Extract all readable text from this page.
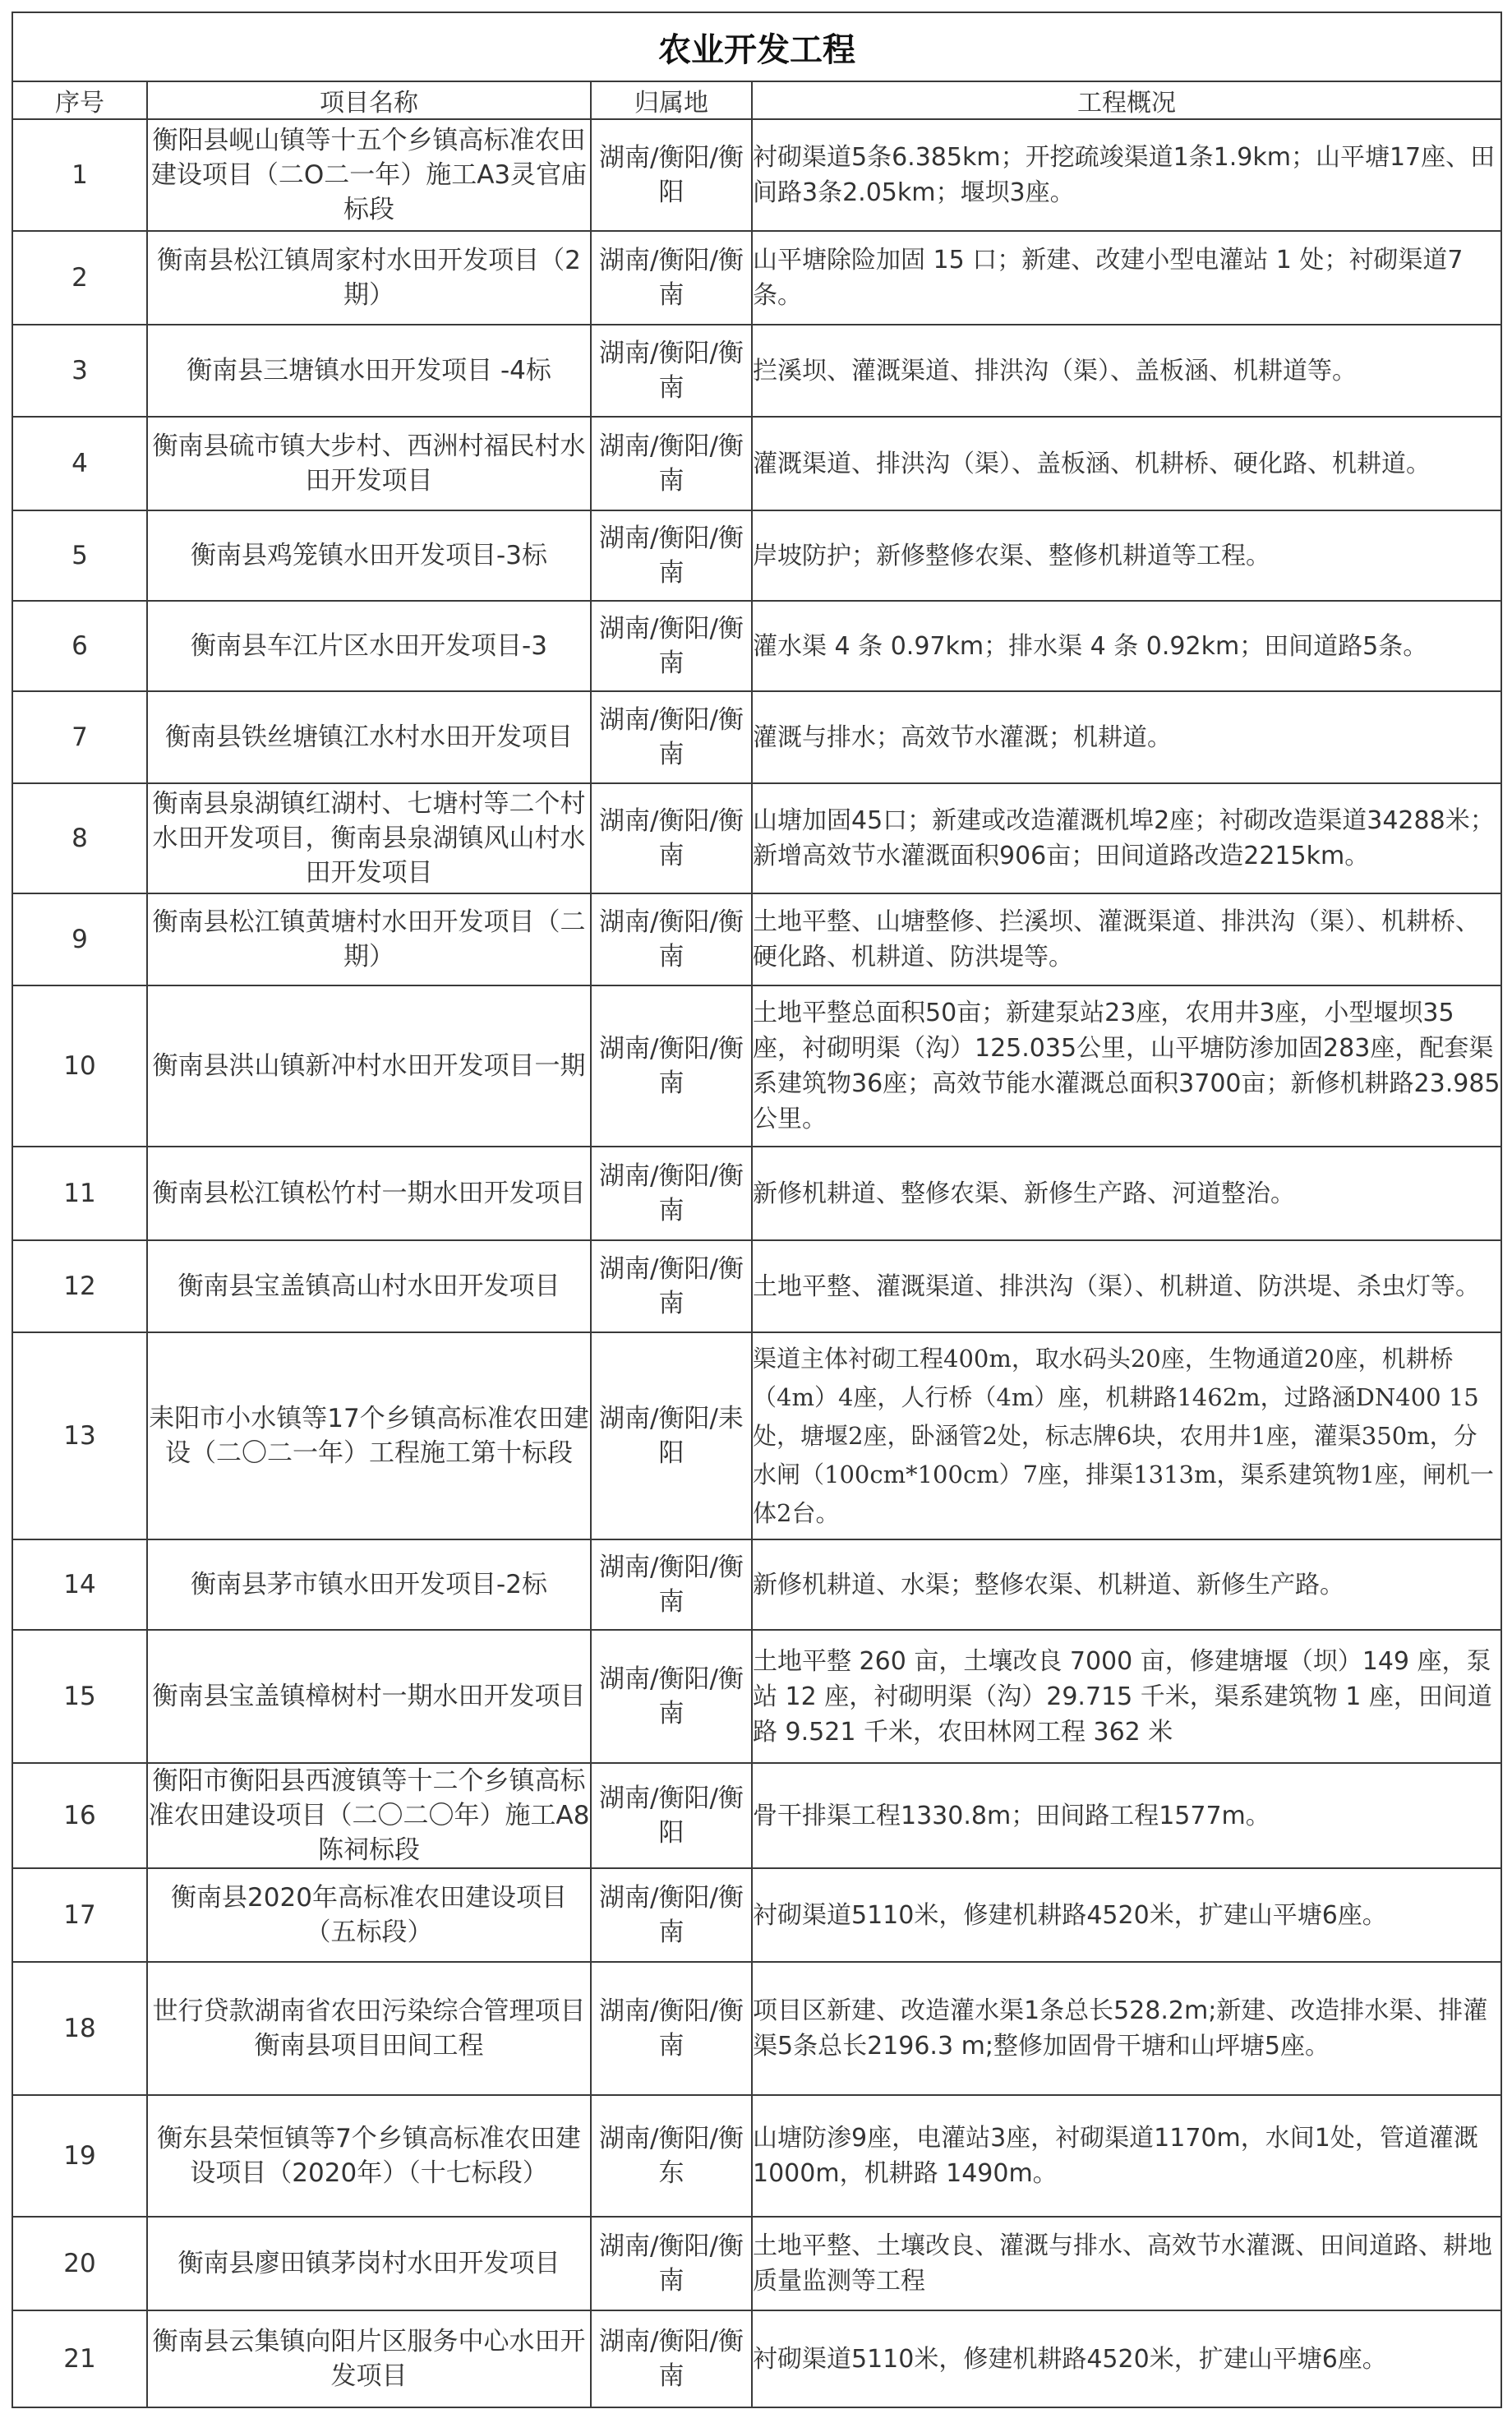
农业开发工程			
序号	项目名称	归属地	工程概况
1	衡阳县岘山镇等十五个乡镇高标准农田建设项目（二O二一年）施工A3灵官庙标段	湖南/衡阳/衡阳	衬砌渠道5条6.385km；开挖疏竣渠道1条1.9km；山平塘17座、田间路3条2.05km；堰坝3座。
2	衡南县松江镇周家村水田开发项目（2期）	湖南/衡阳/衡南	山平塘除险加固 15 口；新建、改建小型电灌站 1 处；衬砌渠道7 条。
3	衡南县三塘镇水田开发项目 -4标	湖南/衡阳/衡南	拦溪坝、灌溉渠道、排洪沟（渠）、盖板涵、机耕道等。
4	衡南县硫市镇大步村、西洲村福民村水田开发项目	湖南/衡阳/衡南	灌溉渠道、排洪沟（渠）、盖板涵、机耕桥、硬化路、机耕道。
5	衡南县鸡笼镇水田开发项目-3标	湖南/衡阳/衡南	岸坡防护；新修整修农渠、整修机耕道等工程。
6	衡南县车江片区水田开发项目-3	湖南/衡阳/衡南	灌水渠 4 条 0.97km；排水渠 4 条 0.92km；田间道路5条。
7	衡南县铁丝塘镇江水村水田开发项目	湖南/衡阳/衡南	灌溉与排水；高效节水灌溉；机耕道。
8	衡南县泉湖镇红湖村、七塘村等二个村水田开发项目，衡南县泉湖镇风山村水田开发项目	湖南/衡阳/衡南	山塘加固45口；新建或改造灌溉机埠2座；衬砌改造渠道34288米；新增高效节水灌溉面积906亩；田间道路改造2215km。
9	衡南县松江镇黄塘村水田开发项目（二期）	湖南/衡阳/衡南	土地平整、山塘整修、拦溪坝、灌溉渠道、排洪沟（渠）、机耕桥、硬化路、机耕道、防洪堤等。
10	衡南县洪山镇新冲村水田开发项目一期	湖南/衡阳/衡南	土地平整总面积50亩；新建泵站23座，农用井3座，小型堰坝35座，衬砌明渠（沟）125.035公里，山平塘防渗加固283座，配套渠系建筑物36座；高效节能水灌溉总面积3700亩；新修机耕路23.985公里。
11	衡南县松江镇松竹村一期水田开发项目	湖南/衡阳/衡南	新修机耕道、整修农渠、新修生产路、河道整治。
12	衡南县宝盖镇高山村水田开发项目	湖南/衡阳/衡南	土地平整、灌溉渠道、排洪沟（渠）、机耕道、防洪堤、杀虫灯等。
13	耒阳市小水镇等17个乡镇高标准农田建设（二〇二一年）工程施工第十标段	湖南/衡阳/耒阳	渠道主体衬砌工程400m，取水码头20座，生物通道20座，机耕桥（4m）4座，人行桥（4m）座，机耕路1462m，过路涵DN400 15处，塘堰2座，卧涵管2处，标志牌6块，农用井1座，灌渠350m，分水闸（100cm*100cm）7座，排渠1313m，渠系建筑物1座，闸机一体2台。
14	衡南县茅市镇水田开发项目-2标	湖南/衡阳/衡南	新修机耕道、水渠；整修农渠、机耕道、新修生产路。
15	衡南县宝盖镇樟树村一期水田开发项目	湖南/衡阳/衡南	土地平整 260 亩，土壤改良 7000 亩，修建塘堰（坝）149 座，泵站 12 座，衬砌明渠（沟）29.715 千米，渠系建筑物 1 座，田间道路 9.521 千米，农田林网工程 362 米
16	衡阳市衡阳县西渡镇等十二个乡镇高标准农田建设项目（二〇二〇年）施工A8陈祠标段	湖南/衡阳/衡阳	骨干排渠工程1330.8m；田间路工程1577m。
17	衡南县2020年高标准农田建设项目（五标段）	湖南/衡阳/衡南	衬砌渠道5110米，修建机耕路4520米，扩建山平塘6座。
18	世行贷款湖南省农田污染综合管理项目衡南县项目田间工程	湖南/衡阳/衡南	项目区新建、改造灌水渠1条总长528.2m;新建、改造排水渠、排灌渠5条总长2196.3 m;整修加固骨干塘和山坪塘5座。
19	衡东县荣恒镇等7个乡镇高标准农田建设项目（2020年）（十七标段）	湖南/衡阳/衡东	山塘防渗9座，电灌站3座，衬砌渠道1170m，水间1处，管道灌溉1000m，机耕路 1490m。
20	衡南县廖田镇茅岗村水田开发项目	湖南/衡阳/衡南	土地平整、土壤改良、灌溉与排水、高效节水灌溉、田间道路、耕地质量监测等工程
21	衡南县云集镇向阳片区服务中心水田开发项目	湖南/衡阳/衡南	衬砌渠道5110米，修建机耕路4520米，扩建山平塘6座。
